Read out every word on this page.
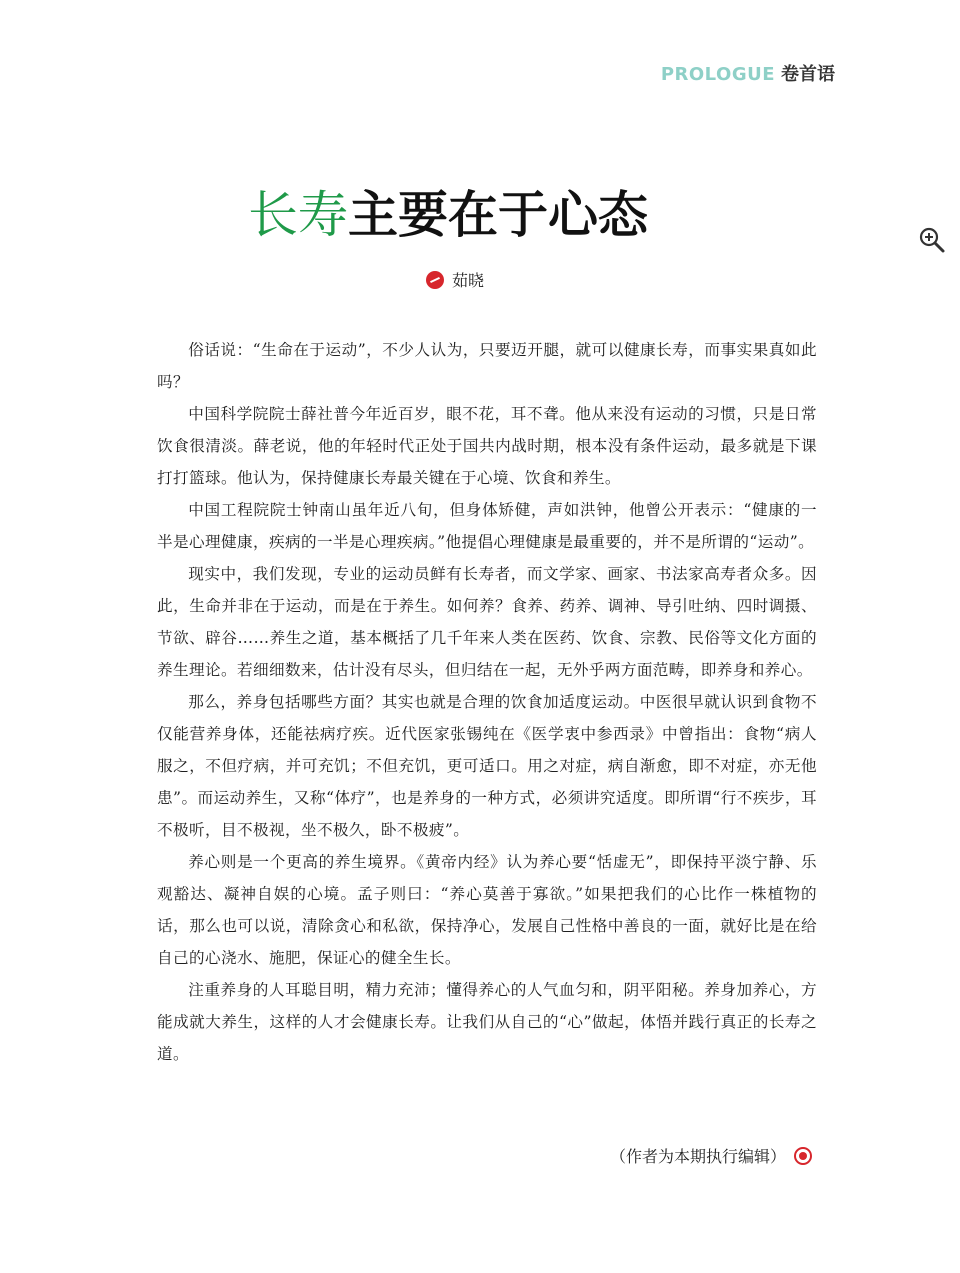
PROLOGUE 卷首语
长寿主要在于心态
茹晓

俗话说：“生命在于运动”，不少人认为，只要迈开腿，就可以健康长寿，而事实果真如此吗？

中国科学院院士薛社普今年近百岁，眼不花，耳不聋。他从来没有运动的习惯，只是日常饮食很清淡。薛老说，他的年轻时代正处于国共内战时期，根本没有条件运动，最多就是下课打打篮球。他认为，保持健康长寿最关键在于心境、饮食和养生。

中国工程院院士钟南山虽年近八旬，但身体矫健，声如洪钟，他曾公开表示：“健康的一半是心理健康，疾病的一半是心理疾病。”他提倡心理健康是最重要的，并不是所谓的“运动”。

现实中，我们发现，专业的运动员鲜有长寿者，而文学家、画家、书法家高寿者众多。因此，生命并非在于运动，而是在于养生。如何养？食养、药养、调神、导引吐纳、四时调摄、节欲、辟谷……养生之道，基本概括了几千年来人类在医药、饮食、宗教、民俗等文化方面的养生理论。若细细数来，估计没有尽头，但归结在一起，无外乎两方面范畴，即养身和养心。

那么，养身包括哪些方面？其实也就是合理的饮食加适度运动。中医很早就认识到食物不仅能营养身体，还能祛病疗疾。近代医家张锡纯在《医学衷中参西录》中曾指出：食物“病人服之，不但疗病，并可充饥；不但充饥，更可适口。用之对症，病自渐愈，即不对症，亦无他患”。而运动养生，又称“体疗”，也是养身的一种方式，必须讲究适度。即所谓“行不疾步，耳不极听，目不极视，坐不极久，卧不极疲”。

养心则是一个更高的养生境界。《黄帝内经》认为养心要“恬虚无”，即保持平淡宁静、乐观豁达、凝神自娱的心境。孟子则曰：“养心莫善于寡欲。”如果把我们的心比作一株植物的话，那么也可以说，清除贪心和私欲，保持净心，发展自己性格中善良的一面，就好比是在给自己的心浇水、施肥，保证心的健全生长。

注重养身的人耳聪目明，精力充沛；懂得养心的人气血匀和，阴平阳秘。养身加养心，方能成就大养生，这样的人才会健康长寿。让我们从自己的“心”做起，体悟并践行真正的长寿之道。

（作者为本期执行编辑）
